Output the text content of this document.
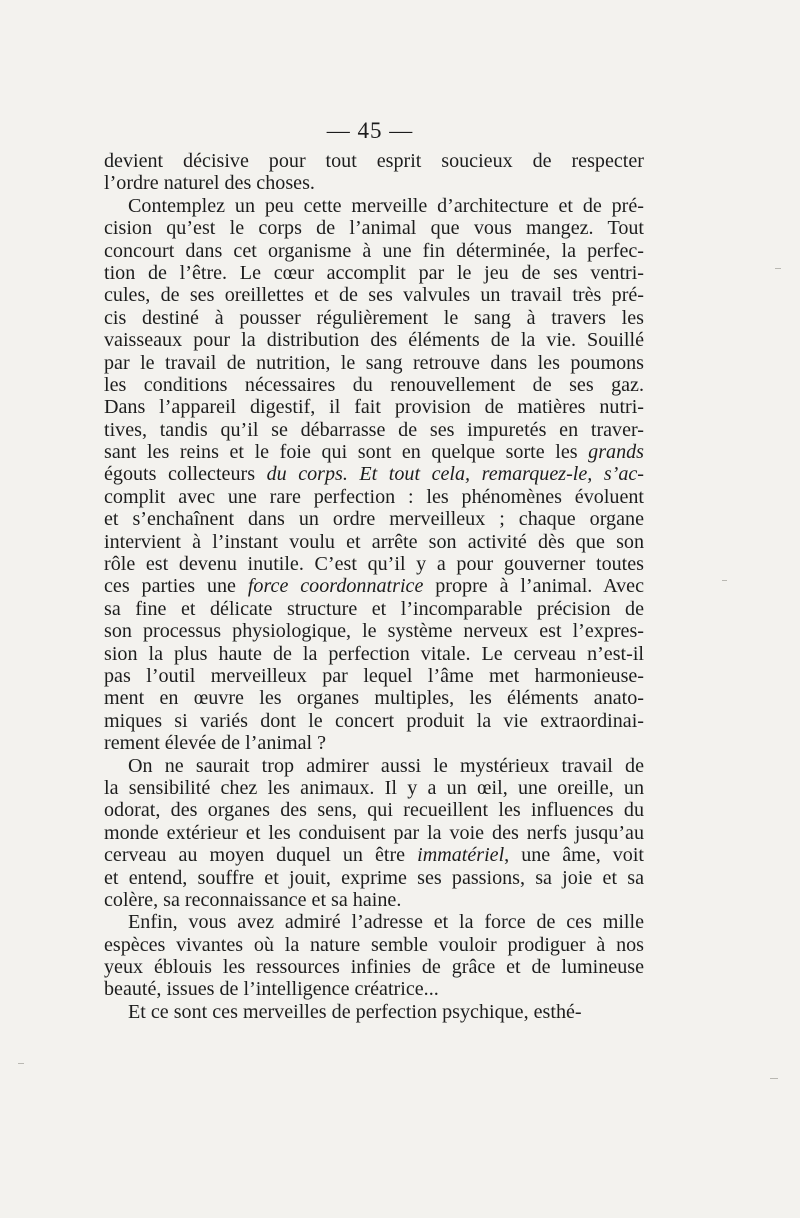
— 45 —
devient décisive pour tout esprit soucieux de respecter
l’ordre naturel des choses.
Contemplez un peu cette merveille d’architecture et de pré-
cision qu’est le corps de l’animal que vous mangez. Tout
concourt dans cet organisme à une fin déterminée, la perfec-
tion de l’être. Le cœur accomplit par le jeu de ses ventri-
cules, de ses oreillettes et de ses valvules un travail très pré-
cis destiné à pousser régulièrement le sang à travers les
vaisseaux pour la distribution des éléments de la vie. Souillé
par le travail de nutrition, le sang retrouve dans les poumons
les conditions nécessaires du renouvellement de ses gaz.
Dans l’appareil digestif, il fait provision de matières nutri-
tives, tandis qu’il se débarrasse de ses impuretés en traver-
sant les reins et le foie qui sont en quelque sorte les grands
égouts collecteurs du corps. Et tout cela, remarquez-le, s’ac-
complit avec une rare perfection : les phénomènes évoluent
et s’enchaînent dans un ordre merveilleux ; chaque organe
intervient à l’instant voulu et arrête son activité dès que son
rôle est devenu inutile. C’est qu’il y a pour gouverner toutes
ces parties une force coordonnatrice propre à l’animal. Avec
sa fine et délicate structure et l’incomparable précision de
son processus physiologique, le système nerveux est l’expres-
sion la plus haute de la perfection vitale. Le cerveau n’est-il
pas l’outil merveilleux par lequel l’âme met harmonieuse-
ment en œuvre les organes multiples, les éléments anato-
miques si variés dont le concert produit la vie extraordinai-
rement élevée de l’animal ?
On ne saurait trop admirer aussi le mystérieux travail de
la sensibilité chez les animaux. Il y a un œil, une oreille, un
odorat, des organes des sens, qui recueillent les influences du
monde extérieur et les conduisent par la voie des nerfs jusqu’au
cerveau au moyen duquel un être immatériel, une âme, voit
et entend, souffre et jouit, exprime ses passions, sa joie et sa
colère, sa reconnaissance et sa haine.
Enfin, vous avez admiré l’adresse et la force de ces mille
espèces vivantes où la nature semble vouloir prodiguer à nos
yeux éblouis les ressources infinies de grâce et de lumineuse
beauté, issues de l’intelligence créatrice...
Et ce sont ces merveilles de perfection psychique, esthé-
